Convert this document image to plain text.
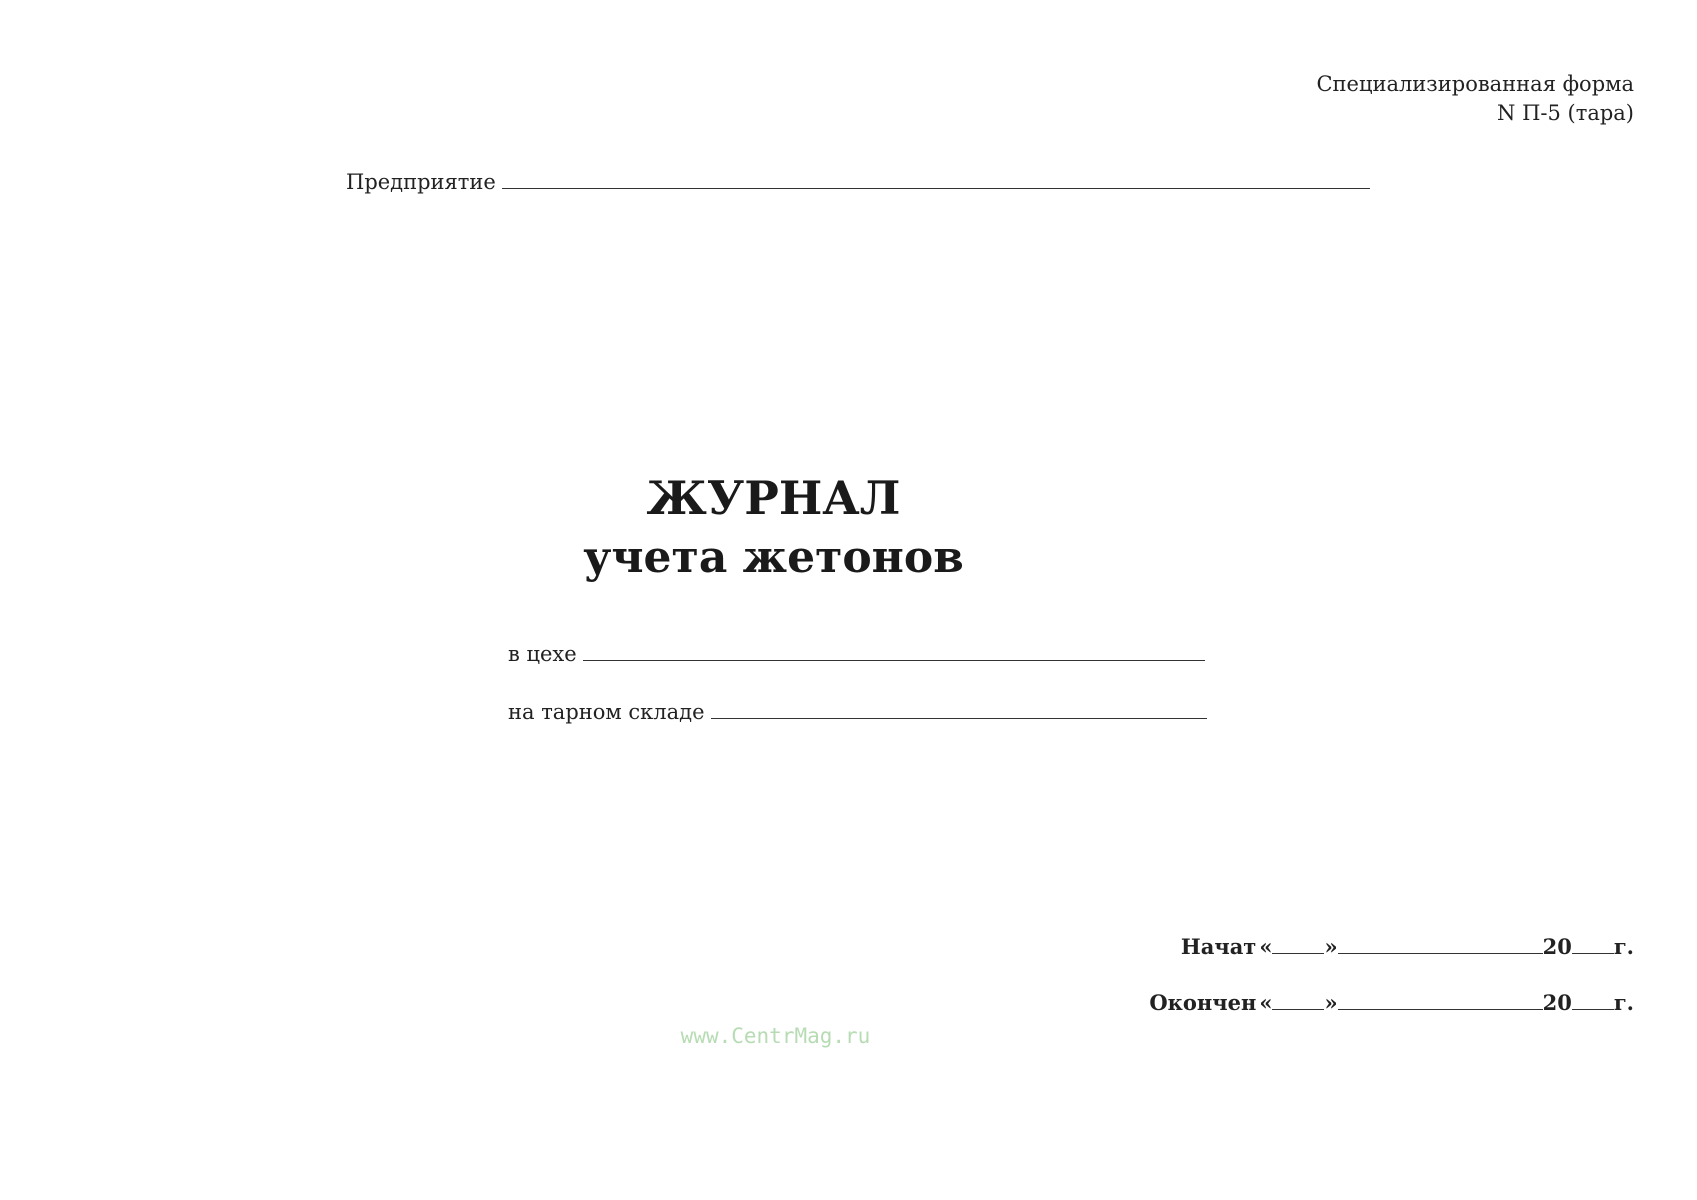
Специализированная форма
N П-5 (тара)
Предприятие
ЖУРНАЛ
учета жетонов
в цехе
на тарном складе
Начат « »	20 г.
Окончен « »	20 г.
www.CentrMag.ru
